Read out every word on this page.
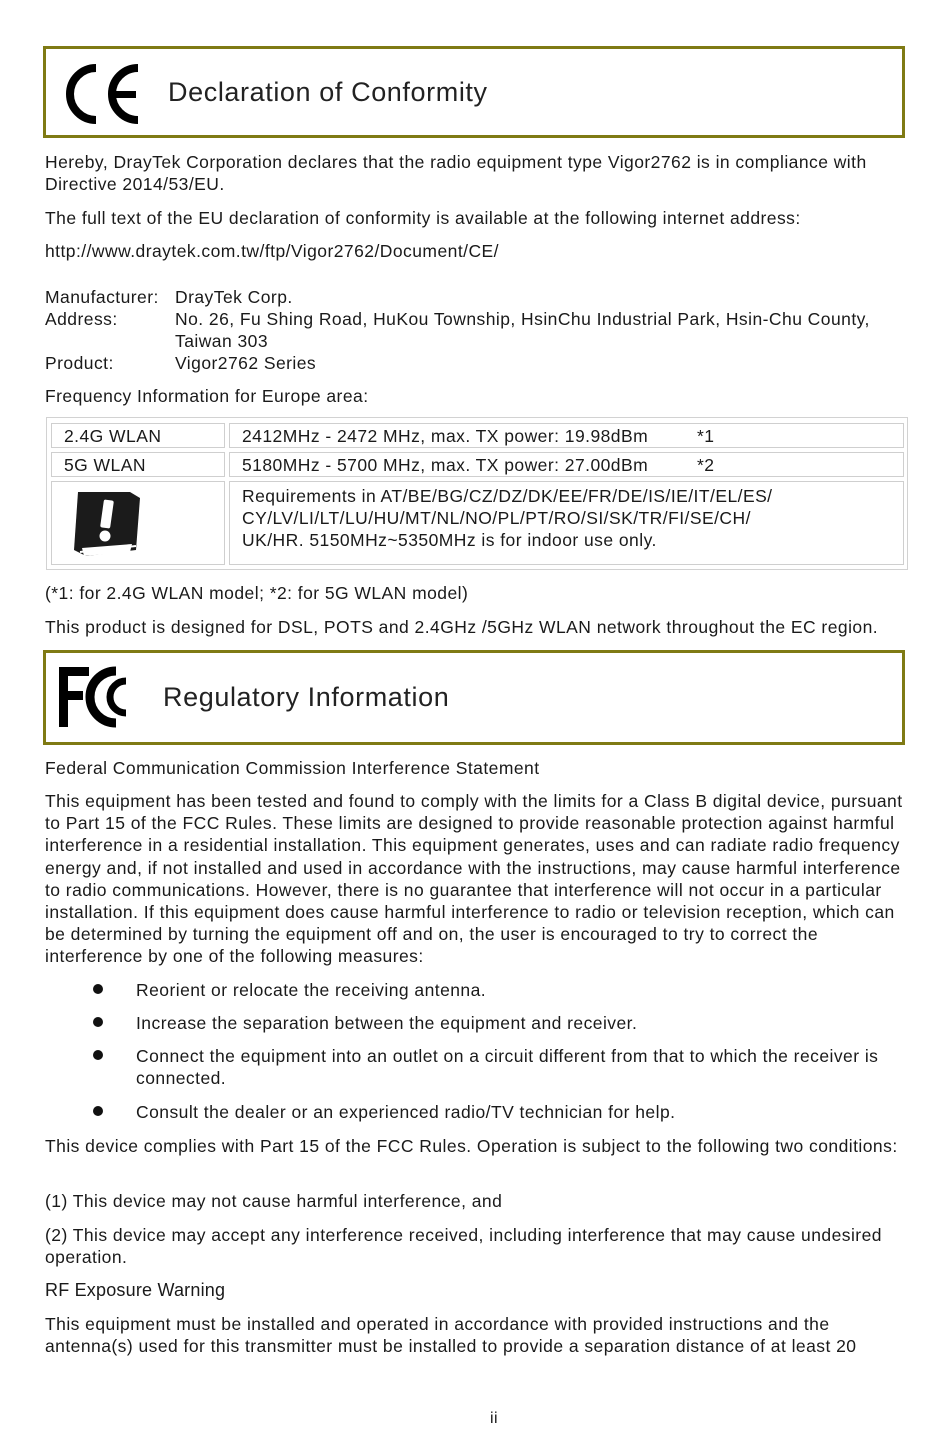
Declaration of Conformity
Hereby, DrayTek Corporation declares that the radio equipment type Vigor2762 is in compliance with Directive 2014/53/EU.
The full text of the EU declaration of conformity is available at the following internet address:
http://www.draytek.com.tw/ftp/Vigor2762/Document/CE/
Manufacturer: DrayTek Corp.
Address:	No. 26, Fu Shing Road, HuKou Township, HsinChu Industrial Park, Hsin-Chu County,
Taiwan 303
Product:	Vigor2762 Series
Frequency Information for Europe area:
2.4G WLAN	2412MHz - 2472 MHz, max. TX power: 19.98dBm	*1
5G WLAN	5180MHz - 5700 MHz, max. TX power: 27.00dBm	*2
Requirements in AT/BE/BG/CZ/DZ/DK/EE/FR/DE/IS/IE/IT/EL/ES/
CY/LV/LI/LT/LU/HU/MT/NL/NO/PL/PT/RO/SI/SK/TR/FI/SE/CH/
UK/HR. 5150MHz~5350MHz is for indoor use only.
(*1: for 2.4G WLAN model; *2: for 5G WLAN model)
This product is designed for DSL, POTS and 2.4GHz /5GHz WLAN network throughout the EC region.
Regulatory Information
Federal Communication Commission Interference Statement
This equipment has been tested and found to comply with the limits for a Class B digital device, pursuant to Part 15 of the FCC Rules. These limits are designed to provide reasonable protection against harmful interference in a residential installation. This equipment generates, uses and can radiate radio frequency energy and, if not installed and used in accordance with the instructions, may cause harmful interference to radio communications. However, there is no guarantee that interference will not occur in a particular installation. If this equipment does cause harmful interference to radio or television reception, which can be determined by turning the equipment off and on, the user is encouraged to try to correct the interference by one of the following measures:
Reorient or relocate the receiving antenna.
Increase the separation between the equipment and receiver.
Connect the equipment into an outlet on a circuit different from that to which the receiver is connected.
Consult the dealer or an experienced radio/TV technician for help.
This device complies with Part 15 of the FCC Rules. Operation is subject to the following two conditions:
(1) This device may not cause harmful interference, and
(2) This device may accept any interference received, including interference that may cause undesired operation.
RF Exposure Warning
This equipment must be installed and operated in accordance with provided instructions and the antenna(s) used for this transmitter must be installed to provide a separation distance of at least 20
ii
